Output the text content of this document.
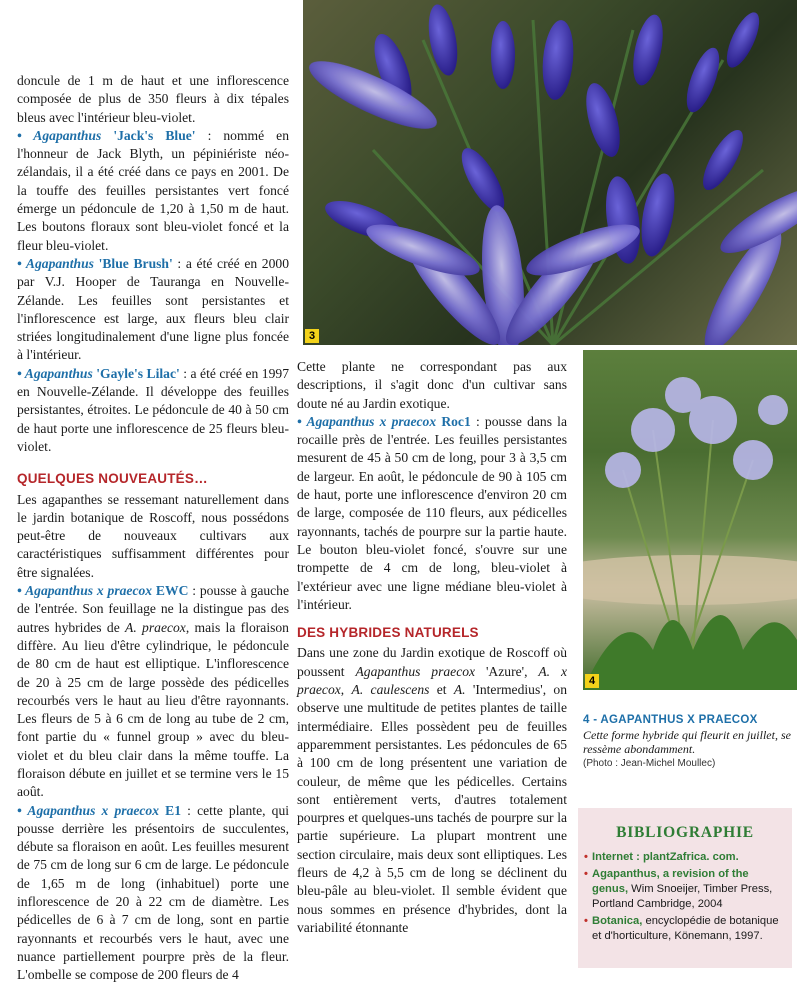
3
4

doncule de 1 m de haut et une inflorescence composée de plus de 350 fleurs à dix tépales bleus avec l'intérieur bleu-violet.

• Agapanthus 'Jack's Blue' : nommé en l'honneur de Jack Blyth, un pépiniériste néo-zélandais, il a été créé dans ce pays en 2001. De la touffe des feuilles persistantes vert foncé émerge un pédoncule de 1,20 à 1,50 m de haut. Les boutons floraux sont bleu-violet foncé et la fleur bleu-violet.

• Agapanthus 'Blue Brush' : a été créé en 2000 par V.J. Hooper de Tauranga en Nouvelle-Zélande. Les feuilles sont persistantes et l'inflorescence est large, aux fleurs bleu clair striées longitudinalement d'une ligne plus foncée à l'intérieur.

• Agapanthus 'Gayle's Lilac' : a été créé en 1997 en Nouvelle-Zélande. Il développe des feuilles persistantes, étroites. Le pédoncule de 40 à 50 cm de haut porte une inflorescence de 25 fleurs bleu-violet.

QUELQUES NOUVEAUTÉS…

Les agapanthes se ressemant naturellement dans le jardin botanique de Roscoff, nous possédons peut-être de nouveaux cultivars aux caractéristiques suffisamment différentes pour être signalées.

• Agapanthus x praecox EWC : pousse à gauche de l'entrée. Son feuillage ne la distingue pas des autres hybrides de A. praecox, mais la floraison diffère. Au lieu d'être cylindrique, le pédoncule de 80 cm de haut est elliptique. L'inflorescence de 20 à 25 cm de large possède des pédicelles recourbés vers le haut au lieu d'être rayonnants. Les fleurs de 5 à 6 cm de long au tube de 2 cm, font partie du « funnel group » avec du bleu-violet et du bleu clair dans la même touffe. La floraison débute en juillet et se termine vers le 15 août.

• Agapanthus x praecox E1 : cette plante, qui pousse derrière les présentoirs de succulentes, débute sa floraison en août. Les feuilles mesurent de 75 cm de long sur 6 cm de large. Le pédoncule de 1,65 m de long (inhabituel) porte une inflorescence de 20 à 22 cm de diamètre. Les pédicelles de 6 à 7 cm de long, sont en partie rayonnants et recourbés vers le haut, avec une nuance partiellement pourpre près de la fleur. L'ombelle se compose de 200 fleurs de 4

Cette plante ne correspondant pas aux descriptions, il s'agit donc d'un cultivar sans doute né au Jardin exotique.

• Agapanthus x praecox Roc1 : pousse dans la rocaille près de l'entrée. Les feuilles persistantes mesurent de 45 à 50 cm de long, pour 3 à 3,5 cm de largeur. En août, le pédoncule de 90 à 105 cm de haut, porte une inflorescence d'environ 20 cm de large, composée de 110 fleurs, aux pédicelles rayonnants, tachés de pourpre sur la partie haute. Le bouton bleu-violet foncé, s'ouvre sur une trompette de 4 cm de long, bleu-violet à l'extérieur avec une ligne médiane bleu-violet à l'intérieur.

DES HYBRIDES NATURELS

Dans une zone du Jardin exotique de Roscoff où poussent Agapanthus praecox 'Azure', A. x praecox, A. caulescens et A. 'Intermedius', on observe une multitude de petites plantes de taille intermédiaire. Elles possèdent peu de feuilles apparemment persistantes. Les pédoncules de 65 à 100 cm de long présentent une variation de couleur, de même que les pédicelles. Certains sont entièrement verts, d'autres totalement pourpres et quelques-uns tachés de pourpre sur la partie supérieure. La plupart montrent une section circulaire, mais deux sont elliptiques. Les fleurs de 4,2 à 5,5 cm de long se déclinent du bleu-pâle au bleu-violet. Il semble évident que nous sommes en présence d'hybrides, dont la variabilité étonnante

4 - AGAPANTHUS X PRAECOX
Cette forme hybride qui fleurit en juillet, se ressème abondamment.
(Photo : Jean-Michel Moullec)
BIBLIOGRAPHIE
• Internet : plantZafrica. com.
• Agapanthus, a revision of the genus, Wim Snoeijer, Timber Press, Portland Cambridge, 2004
• Botanica, encyclopédie de botanique et d'horticulture, Könemann, 1997.
